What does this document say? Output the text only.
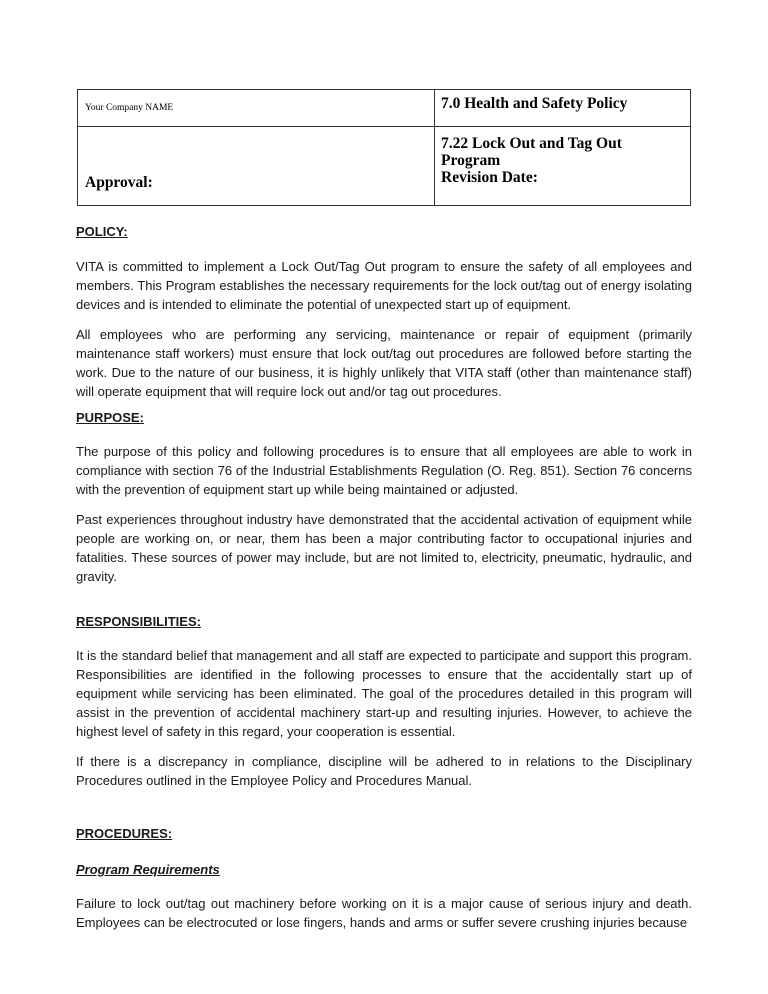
Your Company NAME
Approval:
7.0 Health and Safety Policy
7.22 Lock Out and Tag Out Program
Revision Date:
POLICY:
VITA is committed to implement a Lock Out/Tag Out program to ensure the safety of all employees and members. This Program establishes the necessary requirements for the lock out/tag out of energy isolating devices and is intended to eliminate the potential of unexpected start up of equipment.
All employees who are performing any servicing, maintenance or repair of equipment (primarily maintenance staff workers) must ensure that lock out/tag out procedures are followed before starting the work. Due to the nature of our business, it is highly unlikely that VITA staff (other than maintenance staff) will operate equipment that will require lock out and/or tag out procedures.
PURPOSE:
The purpose of this policy and following procedures is to ensure that all employees are able to work in compliance with section 76 of the Industrial Establishments Regulation (O. Reg. 851). Section 76 concerns with the prevention of equipment start up while being maintained or adjusted.
Past experiences throughout industry have demonstrated that the accidental activation of equipment while people are working on, or near, them has been a major contributing factor to occupational injuries and fatalities. These sources of power may include, but are not limited to, electricity, pneumatic, hydraulic, and gravity.
RESPONSIBILITIES:
It is the standard belief that management and all staff are expected to participate and support this program. Responsibilities are identified in the following processes to ensure that the accidentally start up of equipment while servicing has been eliminated. The goal of the procedures detailed in this program will assist in the prevention of accidental machinery start-up and resulting injuries. However, to achieve the highest level of safety in this regard, your cooperation is essential.
If there is a discrepancy in compliance, discipline will be adhered to in relations to the Disciplinary Procedures outlined in the Employee Policy and Procedures Manual.
PROCEDURES:
Program Requirements
Failure to lock out/tag out machinery before working on it is a major cause of serious injury and death. Employees can be electrocuted or lose fingers, hands and arms or suffer severe crushing injuries because
